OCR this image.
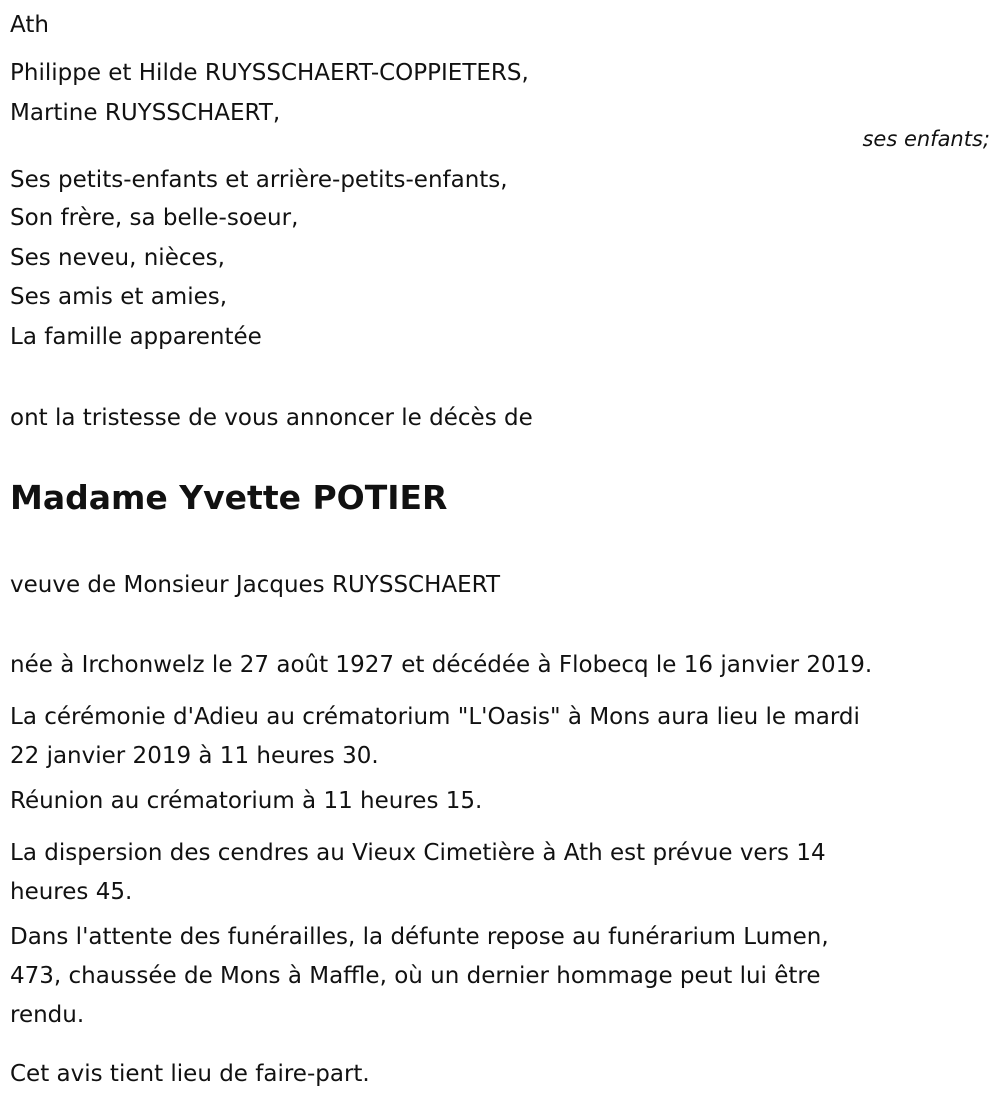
Ath
Philippe et Hilde RUYSSCHAERT-COPPIETERS,
Martine RUYSSCHAERT,
ses enfants;
Ses petits-enfants et arrière-petits-enfants,
Son frère, sa belle-soeur,
Ses neveu, nièces,
Ses amis et amies,
La famille apparentée
ont la tristesse de vous annoncer le décès de
Madame Yvette POTIER
veuve de Monsieur Jacques RUYSSCHAERT
née à Irchonwelz le 27 août 1927 et décédée à Flobecq le 16 janvier 2019.
La cérémonie d'Adieu au crématorium "L'Oasis" à Mons aura lieu le mardi
22 janvier 2019 à 11 heures 30.
Réunion au crématorium à 11 heures 15.
La dispersion des cendres au Vieux Cimetière à Ath est prévue vers 14
heures 45.
Dans l'attente des funérailles, la défunte repose au funérarium Lumen,
473, chaussée de Mons à Maffle, où un dernier hommage peut lui être
rendu.
Cet avis tient lieu de faire-part.
